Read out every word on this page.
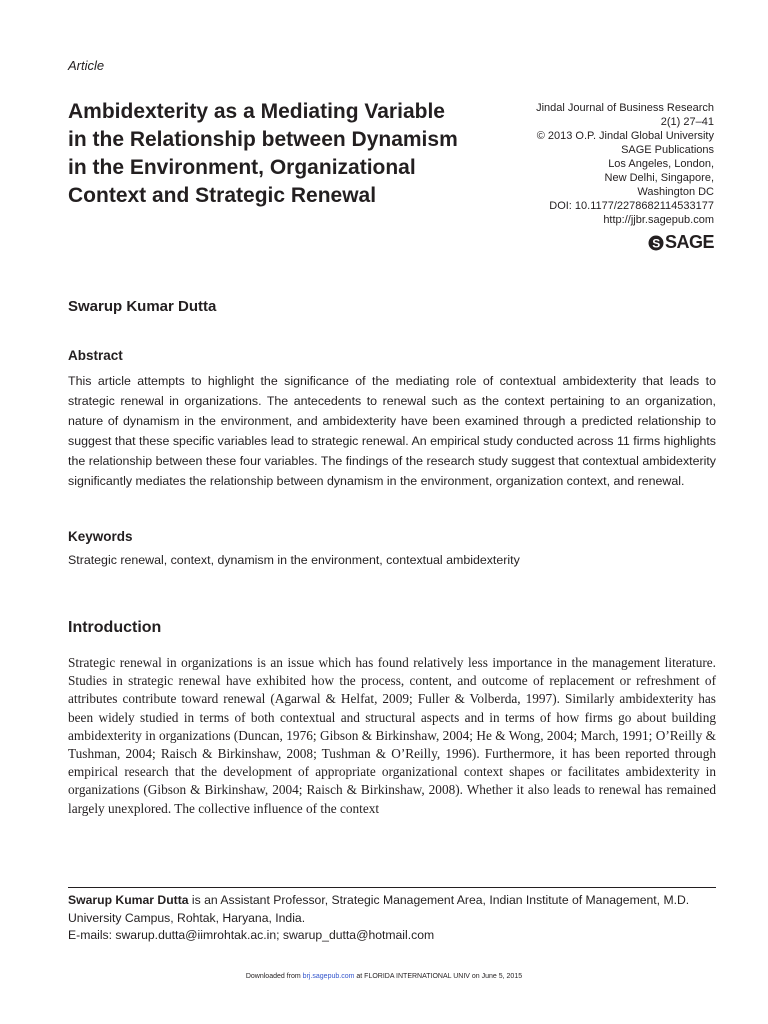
Article
Ambidexterity as a Mediating Variable in the Relationship between Dynamism in the Environment, Organizational Context and Strategic Renewal
Jindal Journal of Business Research
2(1) 27–41
© 2013 O.P. Jindal Global University
SAGE Publications
Los Angeles, London,
New Delhi, Singapore,
Washington DC
DOI: 10.1177/2278682114533177
http://jjbr.sagepub.com
S SAGE
Swarup Kumar Dutta
Abstract

This article attempts to highlight the significance of the mediating role of contextual ambidexterity that leads to strategic renewal in organizations. The antecedents to renewal such as the context pertaining to an organization, nature of dynamism in the environment, and ambidexterity have been examined through a predicted relationship to suggest that these specific variables lead to strategic renewal. An empirical study conducted across 11 firms highlights the relationship between these four variables. The findings of the research study suggest that contextual ambidexterity significantly mediates the relationship between dynamism in the environment, organization context, and renewal.

Keywords

Strategic renewal, context, dynamism in the environment, contextual ambidexterity

Introduction

Strategic renewal in organizations is an issue which has found relatively less importance in the management literature. Studies in strategic renewal have exhibited how the process, content, and outcome of replacement or refreshment of attributes contribute toward renewal (Agarwal & Helfat, 2009; Fuller & Volberda, 1997). Similarly ambidexterity has been widely studied in terms of both contextual and structural aspects and in terms of how firms go about building ambidexterity in organizations (Duncan, 1976; Gibson & Birkinshaw, 2004; He & Wong, 2004; March, 1991; O’Reilly & Tushman, 2004; Raisch & Birkinshaw, 2008; Tushman & O’Reilly, 1996). Furthermore, it has been reported through empirical research that the development of appropriate organizational context shapes or facilitates ambidexterity in organizations (Gibson & Birkinshaw, 2004; Raisch & Birkinshaw, 2008). Whether it also leads to renewal has remained largely unexplored. The collective influence of the context

Swarup Kumar Dutta is an Assistant Professor, Strategic Management Area, Indian Institute of Management, M.D. University Campus, Rohtak, Haryana, India.
E-mails: swarup.dutta@iimrohtak.ac.in; swarup_dutta@hotmail.com

Downloaded from brj.sagepub.com at FLORIDA INTERNATIONAL UNIV on June 5, 2015
